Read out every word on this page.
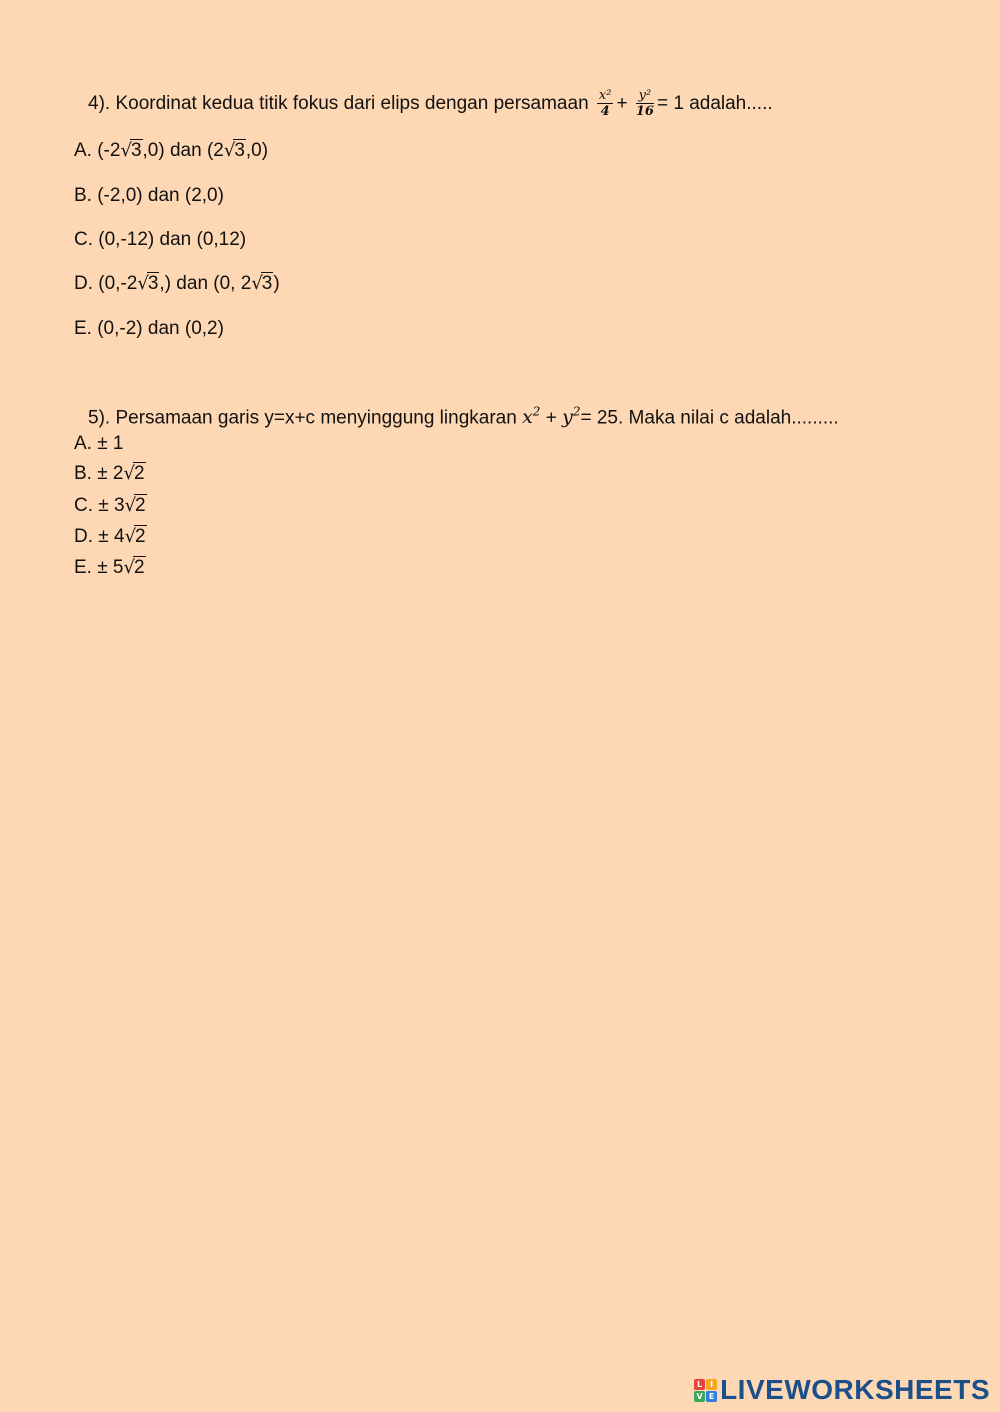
4). Koordinat kedua titik fokus dari elips dengan persamaan $\frac{\text{x²}}{4} + \frac{\text{y²}}{16} = 1$ adalah.....
A. (-2√3,0) dan (2√3,0)
B. (-2,0) dan (2,0)
C. (0,-12) dan (0,12)
D. (0,-2√3,) dan (0, 2√3)
E. (0,-2) dan (0,2)
5). Persamaan garis y=x+c menyinggung lingkaran $x^2 + y^2= 25$. Maka nilai c adalah.........
A. ± 1
B. ± 2√2
C. ± 3√2
D. ± 4√2
E. ± 5√2
L I
V E LIVEWORKSHEETS
